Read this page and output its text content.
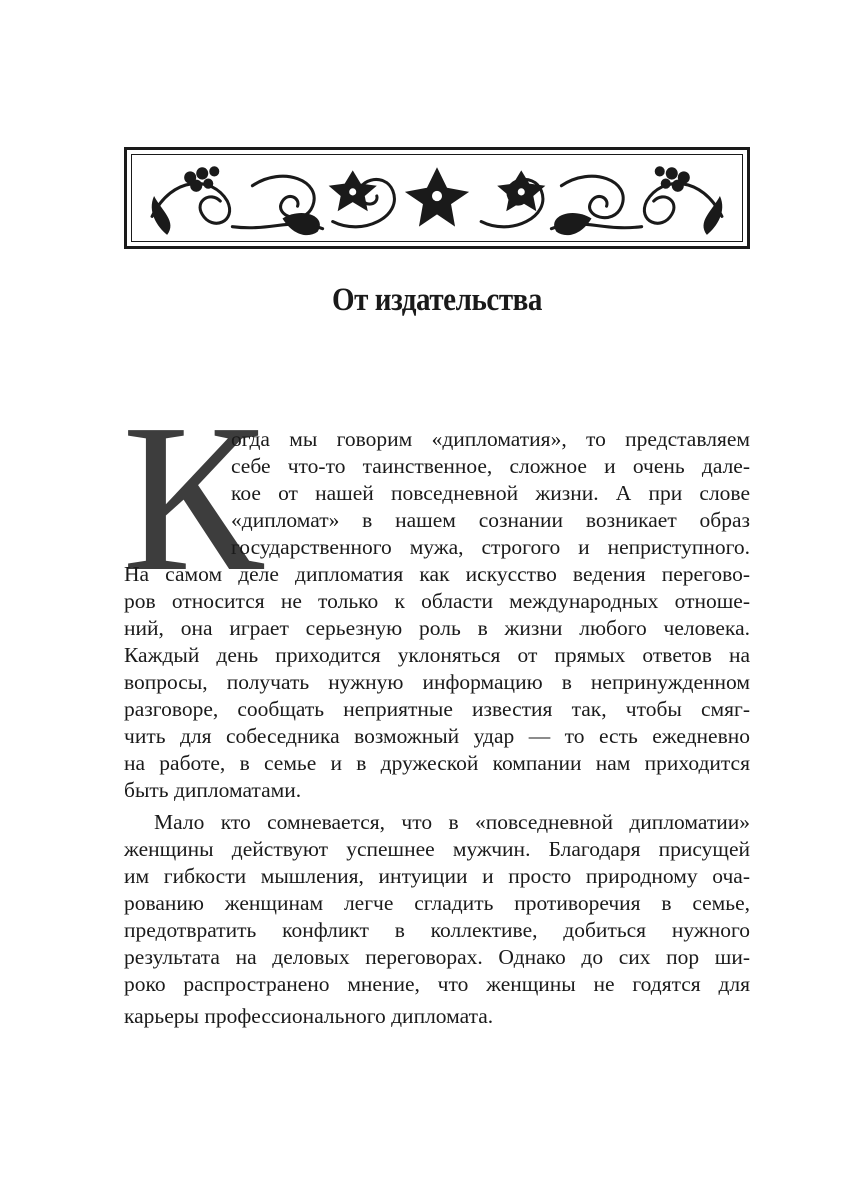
От издательства
К
огда мы говорим «дипломатия», то представляем
себе что-то таинственное, сложное и очень дале-
кое от нашей повседневной жизни. А при слове
«дипломат» в нашем сознании возникает образ
государственного мужа, строгого и неприступного.
На самом деле дипломатия как искусство ведения перегово-
ров относится не только к области международных отноше-
ний, она играет серьезную роль в жизни любого человека.
Каждый день приходится уклоняться от прямых ответов на
вопросы, получать нужную информацию в непринужденном
разговоре, сообщать неприятные известия так, чтобы смяг-
чить для собеседника возможный удар — то есть ежедневно
на работе, в семье и в дружеской компании нам приходится
быть дипломатами.
Мало кто сомневается, что в «повседневной дипломатии»
женщины действуют успешнее мужчин. Благодаря присущей
им гибкости мышления, интуиции и просто природному оча-
рованию женщинам легче сгладить противоречия в семье,
предотвратить конфликт в коллективе, добиться нужного
результата на деловых переговорах. Однако до сих пор ши-
роко распространено мнение, что женщины не годятся для
карьеры профессионального дипломата.
